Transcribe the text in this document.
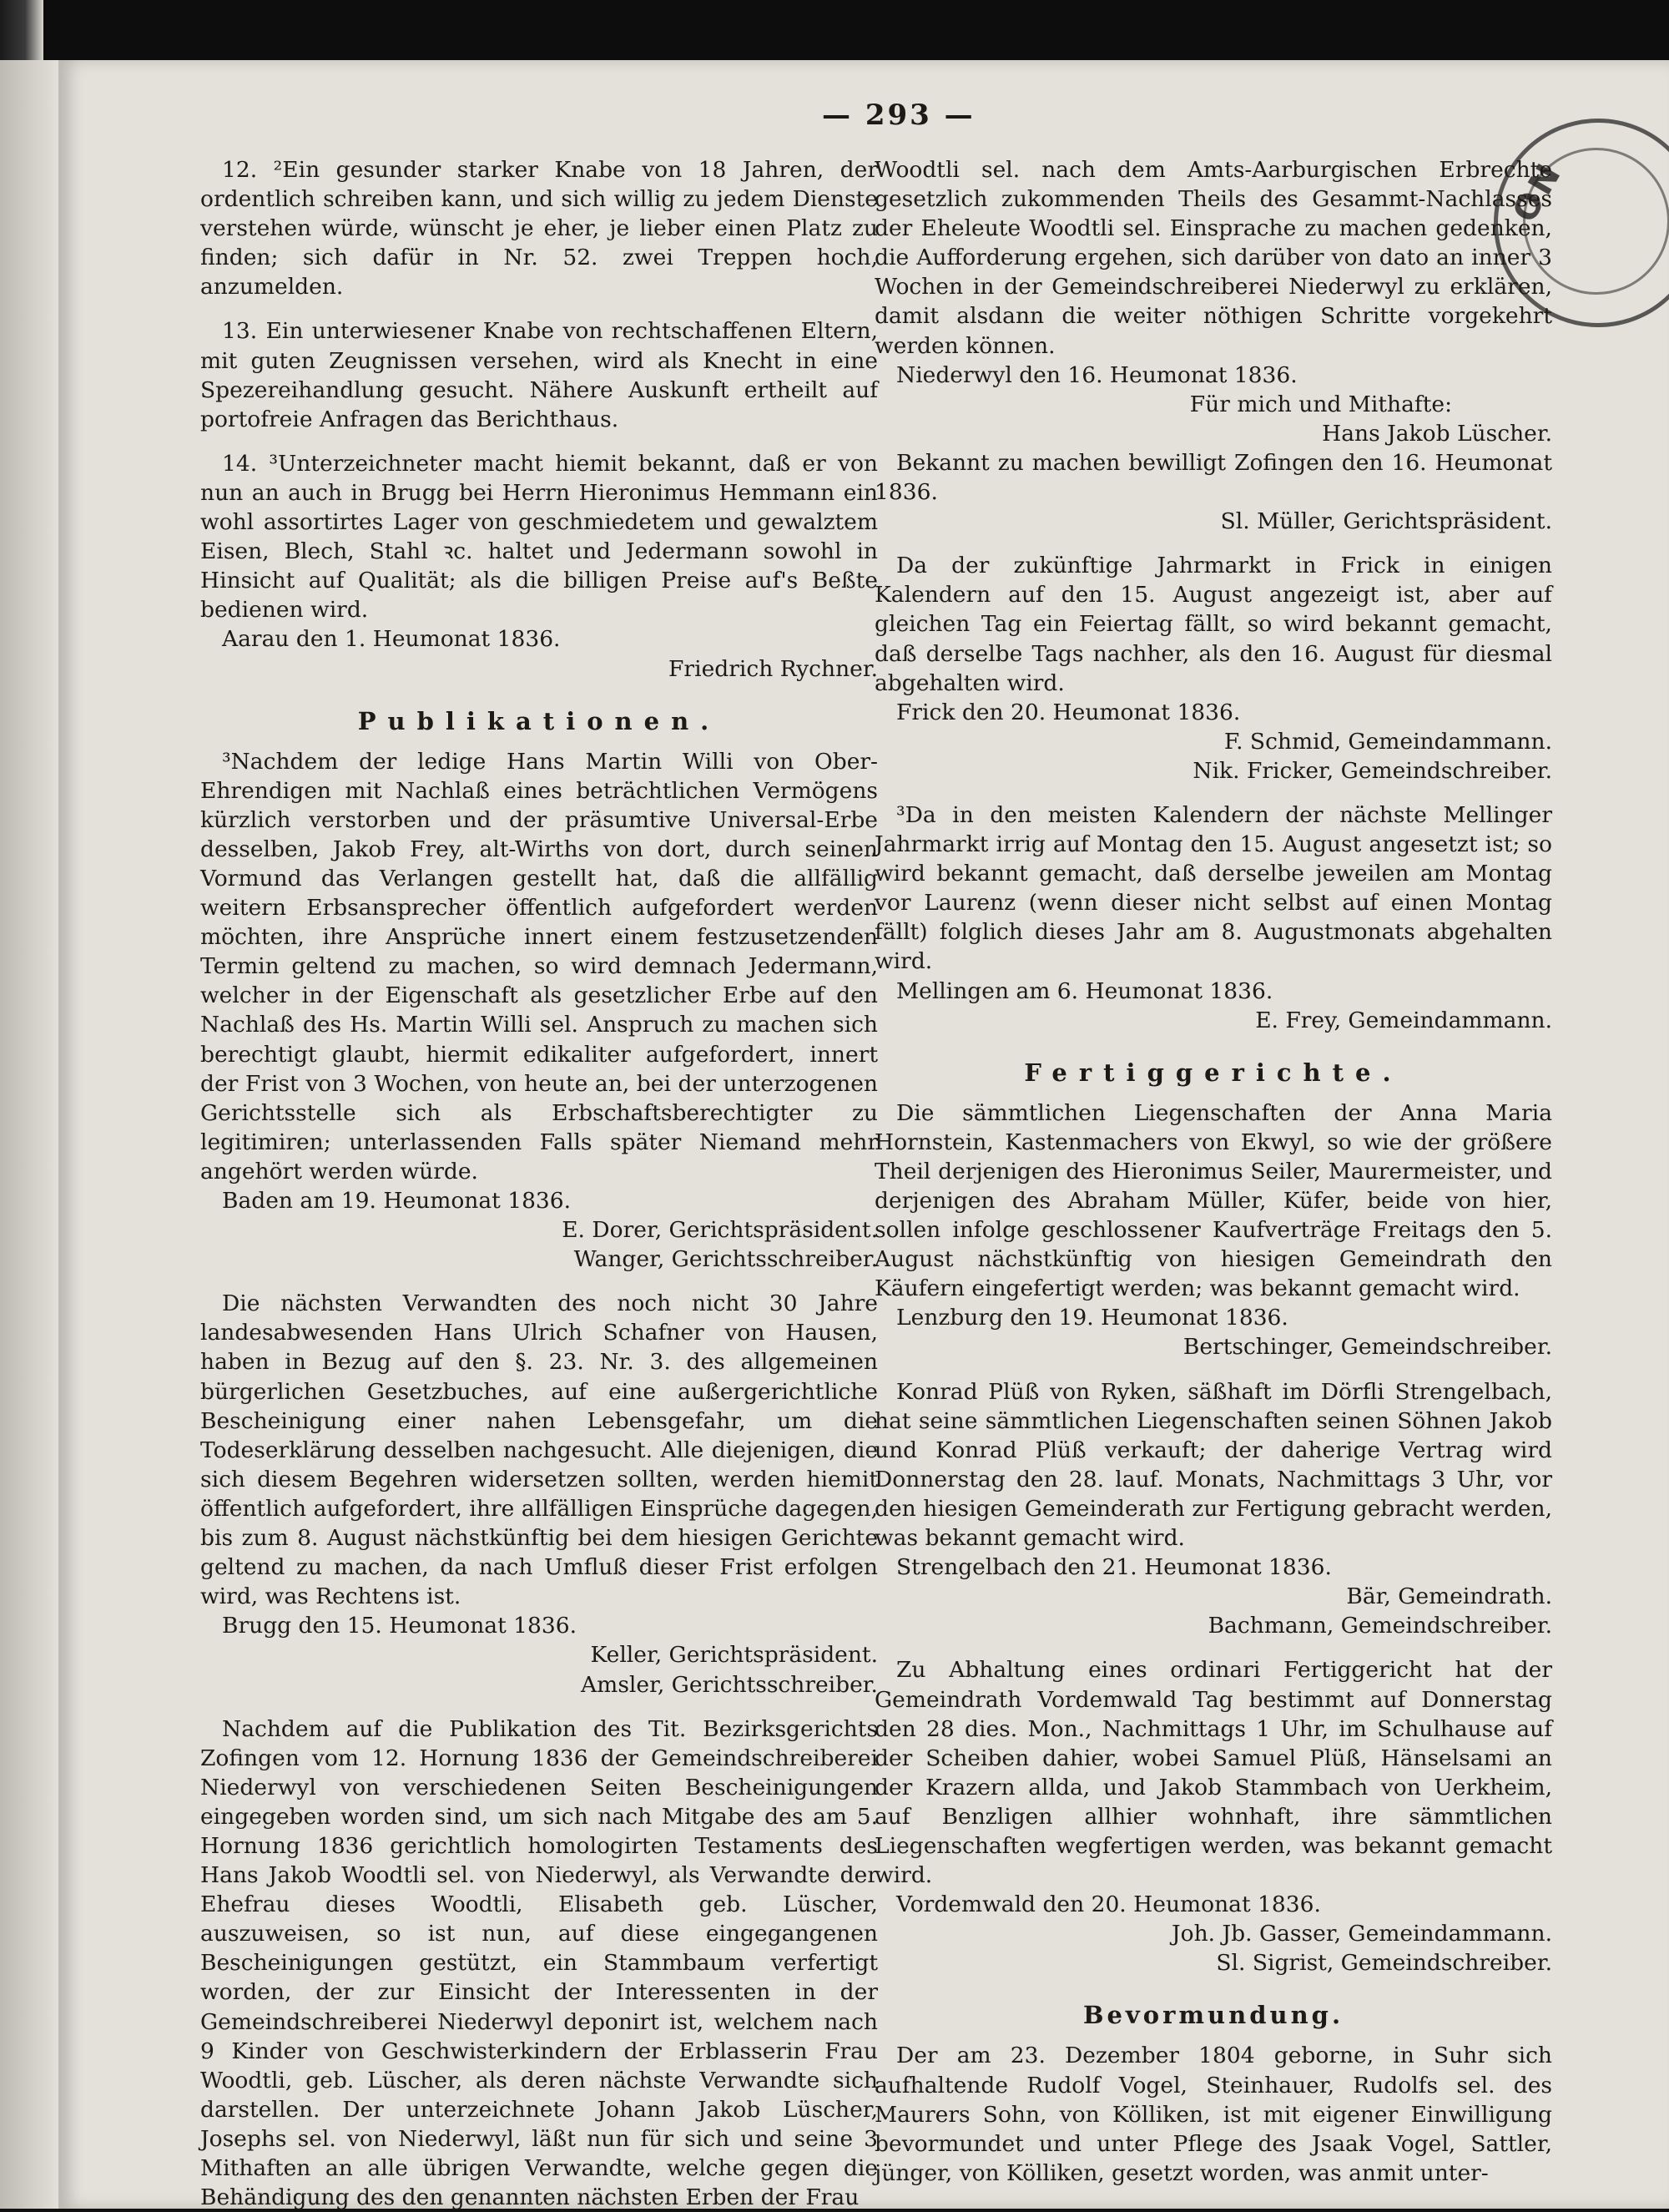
ON
— 293 —

12. ²Ein gesunder starker Knabe von 18 Jahren, der ordentlich schreiben kann, und sich willig zu jedem Dienste verstehen würde, wünscht je eher, je lieber einen Platz zu finden; sich dafür in Nr. 52. zwei Treppen hoch, anzumelden.

13. Ein unterwiesener Knabe von rechtschaffenen Eltern, mit guten Zeugnissen versehen, wird als Knecht in eine Spezereihandlung gesucht. Nähere Auskunft ertheilt auf portofreie Anfragen das Berichthaus.

14. ³Unterzeichneter macht hiemit bekannt, daß er von nun an auch in Brugg bei Herrn Hieronimus Hemmann ein wohl assortirtes Lager von geschmiedetem und gewalztem Eisen, Blech, Stahl ꝛc. haltet und Jedermann sowohl in Hinsicht auf Qualität; als die billigen Preise auf's Beßte bedienen wird.

Aarau den 1. Heumonat 1836.

Friedrich Rychner.

Publikationen.

³Nachdem der ledige Hans Martin Willi von Ober-Ehrendigen mit Nachlaß eines beträchtlichen Vermögens kürzlich verstorben und der präsumtive Universal-Erbe desselben, Jakob Frey, alt-Wirths von dort, durch seinen Vormund das Verlangen gestellt hat, daß die allfällig weitern Erbsansprecher öffentlich aufgefordert werden möchten, ihre Ansprüche innert einem festzusetzenden Termin geltend zu machen, so wird demnach Jedermann, welcher in der Eigenschaft als gesetzlicher Erbe auf den Nachlaß des Hs. Martin Willi sel. Anspruch zu machen sich berechtigt glaubt, hiermit edikaliter aufgefordert, innert der Frist von 3 Wochen, von heute an, bei der unterzogenen Gerichtsstelle sich als Erbschaftsberechtigter zu legitimiren; unterlassenden Falls später Niemand mehr angehört werden würde.

Baden am 19. Heumonat 1836.

E. Dorer, Gerichtspräsident.

Wanger, Gerichtsschreiber.

Die nächsten Verwandten des noch nicht 30 Jahre landesabwesenden Hans Ulrich Schafner von Hausen, haben in Bezug auf den §. 23. Nr. 3. des allgemeinen bürgerlichen Gesetzbuches, auf eine außergerichtliche Bescheinigung einer nahen Lebensgefahr, um die Todeserklärung desselben nachgesucht. Alle diejenigen, die sich diesem Begehren widersetzen sollten, werden hiemit öffentlich aufgefordert, ihre allfälligen Einsprüche dagegen, bis zum 8. August nächstkünftig bei dem hiesigen Gerichte geltend zu machen, da nach Umfluß dieser Frist erfolgen wird, was Rechtens ist.

Brugg den 15. Heumonat 1836.

Keller, Gerichtspräsident.

Amsler, Gerichtsschreiber.

Nachdem auf die Publikation des Tit. Bezirksgerichts Zofingen vom 12. Hornung 1836 der Gemeindschreiberei Niederwyl von verschiedenen Seiten Bescheinigungen eingegeben worden sind, um sich nach Mitgabe des am 5. Hornung 1836 gerichtlich homologirten Testaments des Hans Jakob Woodtli sel. von Niederwyl, als Verwandte der Ehefrau dieses Woodtli, Elisabeth geb. Lüscher, auszuweisen, so ist nun, auf diese eingegangenen Bescheinigungen gestützt, ein Stammbaum verfertigt worden, der zur Einsicht der Interessenten in der Gemeindschreiberei Niederwyl deponirt ist, welchem nach 9 Kinder von Geschwisterkindern der Erblasserin Frau Woodtli, geb. Lüscher, als deren nächste Verwandte sich darstellen. Der unterzeichnete Johann Jakob Lüscher, Josephs sel. von Niederwyl, läßt nun für sich und seine 3 Mithaften an alle übrigen Verwandte, welche gegen die Behändigung des den genannten nächsten Erben der Frau

Woodtli sel. nach dem Amts-Aarburgischen Erbrechte gesetzlich zukommenden Theils des Gesammt-Nachlasses der Eheleute Woodtli sel. Einsprache zu machen gedenken, die Aufforderung ergehen, sich darüber von dato an inner 3 Wochen in der Gemeindschreiberei Niederwyl zu erklären, damit alsdann die weiter nöthigen Schritte vorgekehrt werden können.

Niederwyl den 16. Heumonat 1836.

Für mich und Mithafte:

Hans Jakob Lüscher.

Bekannt zu machen bewilligt Zofingen den 16. Heumonat 1836.

Sl. Müller, Gerichtspräsident.

Da der zukünftige Jahrmarkt in Frick in einigen Kalendern auf den 15. August angezeigt ist, aber auf gleichen Tag ein Feiertag fällt, so wird bekannt gemacht, daß derselbe Tags nachher, als den 16. August für diesmal abgehalten wird.

Frick den 20. Heumonat 1836.

F. Schmid, Gemeindammann.

Nik. Fricker, Gemeindschreiber.

³Da in den meisten Kalendern der nächste Mellinger Jahrmarkt irrig auf Montag den 15. August angesetzt ist; so wird bekannt gemacht, daß derselbe jeweilen am Montag vor Laurenz (wenn dieser nicht selbst auf einen Montag fällt) folglich dieses Jahr am 8. Augustmonats abgehalten wird.

Mellingen am 6. Heumonat 1836.

E. Frey, Gemeindammann.

Fertiggerichte.

Die sämmtlichen Liegenschaften der Anna Maria Hornstein, Kastenmachers von Ekwyl, so wie der größere Theil derjenigen des Hieronimus Seiler, Maurermeister, und derjenigen des Abraham Müller, Küfer, beide von hier, sollen infolge geschlossener Kaufverträge Freitags den 5. August nächstkünftig von hiesigen Gemeindrath den Käufern eingefertigt werden; was bekannt gemacht wird.

Lenzburg den 19. Heumonat 1836.

Bertschinger, Gemeindschreiber.

Konrad Plüß von Ryken, säßhaft im Dörfli Strengelbach, hat seine sämmtlichen Liegenschaften seinen Söhnen Jakob und Konrad Plüß verkauft; der daherige Vertrag wird Donnerstag den 28. lauf. Monats, Nachmittags 3 Uhr, vor den hiesigen Gemeinderath zur Fertigung gebracht werden, was bekannt gemacht wird.

Strengelbach den 21. Heumonat 1836.

Bär, Gemeindrath.

Bachmann, Gemeindschreiber.

Zu Abhaltung eines ordinari Fertiggericht hat der Gemeindrath Vordemwald Tag bestimmt auf Donnerstag den 28 dies. Mon., Nachmittags 1 Uhr, im Schulhause auf der Scheiben dahier, wobei Samuel Plüß, Hänselsami an der Krazern allda, und Jakob Stammbach von Uerkheim, auf Benzligen allhier wohnhaft, ihre sämmtlichen Liegenschaften wegfertigen werden, was bekannt gemacht wird.

Vordemwald den 20. Heumonat 1836.

Joh. Jb. Gasser, Gemeindammann.

Sl. Sigrist, Gemeindschreiber.

Bevormundung.

Der am 23. Dezember 1804 geborne, in Suhr sich aufhaltende Rudolf Vogel, Steinhauer, Rudolfs sel. des Maurers Sohn, von Kölliken, ist mit eigener Einwilligung bevormundet und unter Pflege des Jsaak Vogel, Sattler, jünger, von Kölliken, gesetzt worden, was anmit unter-
